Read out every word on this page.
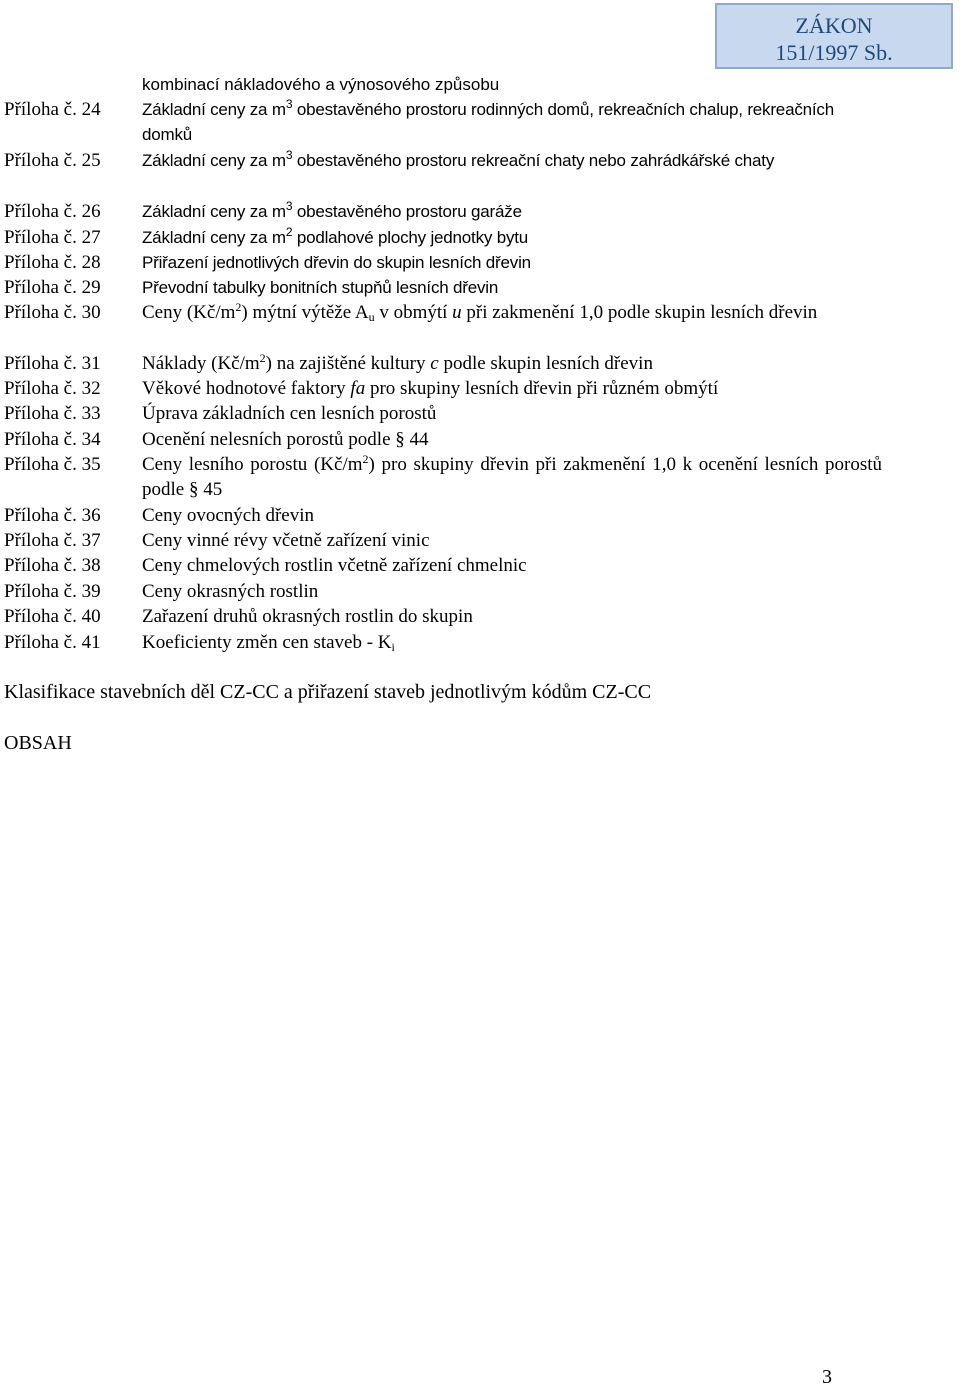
ZÁKON
151/1997 Sb.
kombinací nákladového a výnosového způsobu
Příloha č. 24 Základní ceny za $m^3$ obestavěného prostoru rodinných domů, rekreačních chalup, rekreačních domků
Příloha č. 25 Základní ceny za $m^3$ obestavěného prostoru rekreační chaty nebo zahrádkářské chaty
Příloha č. 26 Základní ceny za $m^3$ obestavěného prostoru garáže
Příloha č. 27 Základní ceny za $m^2$ podlahové plochy jednotky bytu
Příloha č. 28 Přiřazení jednotlivých dřevin do skupin lesních dřevin
Příloha č. 29 Převodní tabulky bonitních stupňů lesních dřevin
Příloha č. 30 Ceny $(Kč/m^2)$ mýtní výtěže $A_u$ v obmýtí u při zakmenění 1,0 podle skupin lesních dřevin
Příloha č. 31 Náklady $(Kč/m^2)$ na zajištěné kultury c podle skupin lesních dřevin
Příloha č. 32 Věkové hodnotové faktory fa pro skupiny lesních dřevin při různém obmýtí
Příloha č. 33 Úprava základních cen lesních porostů
Příloha č. 34 Ocenění nelesních porostů podle § 44
Příloha č. 35 Ceny lesního porostu $(Kč/m^2)$ pro skupiny dřevin při zakmenění 1,0 k ocenění lesních porostů podle § 45
Příloha č. 36 Ceny ovocných dřevin
Příloha č. 37 Ceny vinné révy včetně zařízení vinic
Příloha č. 38 Ceny chmelových rostlin včetně zařízení chmelnic
Příloha č. 39 Ceny okrasných rostlin
Příloha č. 40 Zařazení druhů okrasných rostlin do skupin
Příloha č. 41 Koeficienty změn cen staveb - $K_i$
Klasifikace stavebních děl CZ-CC a přiřazení staveb jednotlivým kódům CZ-CC
OBSAH
3
